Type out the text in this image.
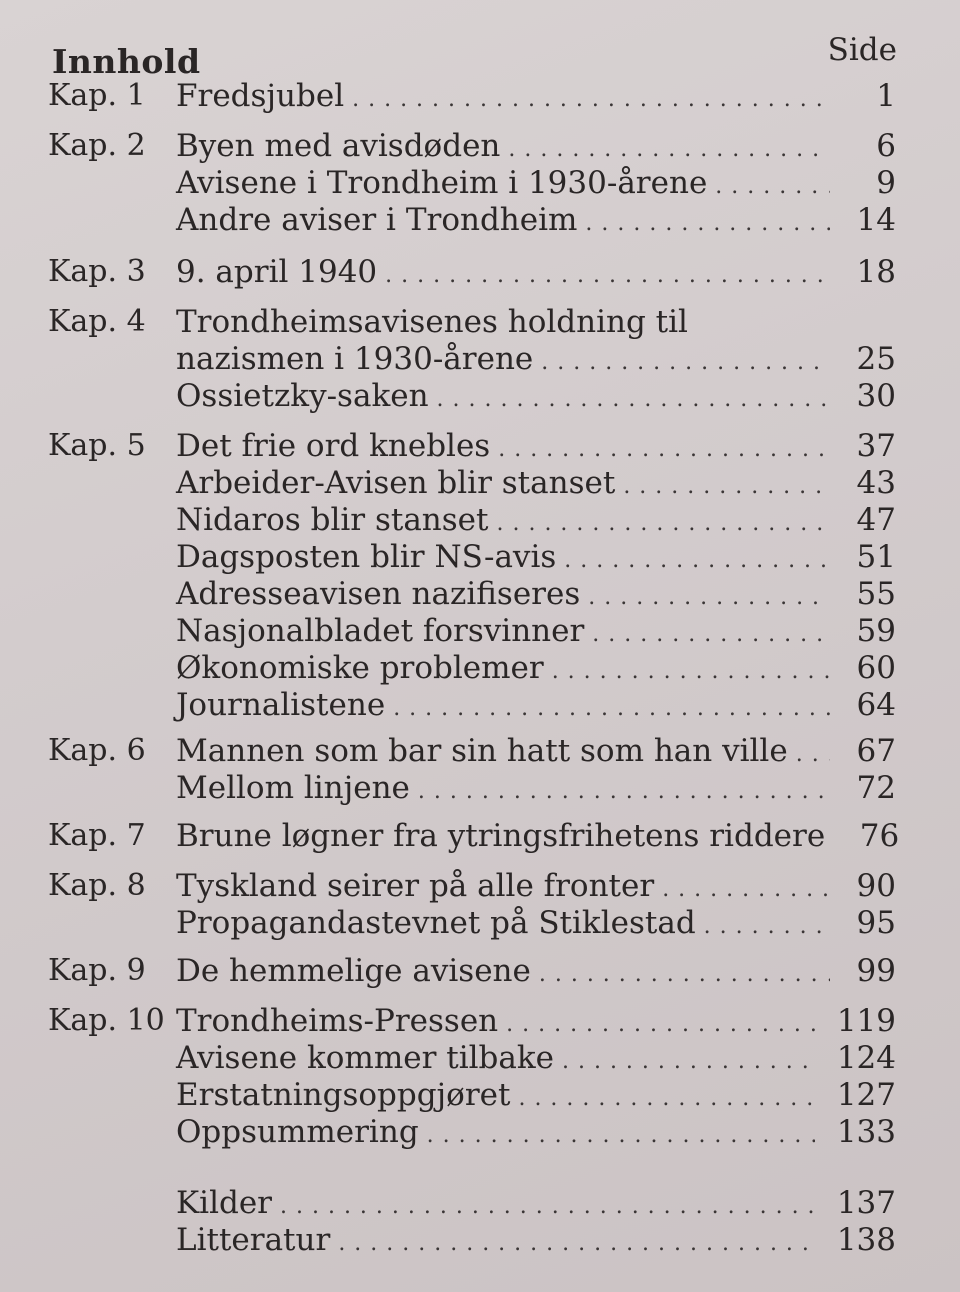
Innhold	Side
Kap. 1 Fredsjubel . . .	1
Kap. 2 Byen med avisdøden . . .	6
Avisene i Trondheim i 1930-årene . . .	9
Andre aviser i Trondheim . . .	14
Kap. 3 9. april 1940 . . .	18
Kap. 4 Trondheimsavisenes holdning til
nazismen i 1930-årene . . .	25
Ossietzky-saken . . .	30
Kap. 5 Det frie ord knebles . . .	37
Arbeider-Avisen blir stanset . . .	43
Nidaros blir stanset . . .	47
Dagsposten blir NS-avis . . .	51
Adresseavisen nazifiseres . . .	55
Nasjonalbladet forsvinner . . .	59
Økonomiske problemer . . .	60
Journalistene . . .	64
Kap. 6 Mannen som bar sin hatt som han ville . . . 67
Mellom linjene . . .	72
Kap. 7 Brune løgner fra ytringsfrihetens riddere 76
Kap. 8 Tyskland seirer på alle fronter . . .	90
Propagandastevnet på Stiklestad . . .	95
Kap. 9 De hemmelige avisene . . .	99
Kap. 10 Trondheims-Pressen . . .	119
Avisene kommer tilbake . . .	124
Erstatningsoppgjøret . . .	127
Oppsummering . . .	133
Kilder . . .	137
Litteratur . . .	138
